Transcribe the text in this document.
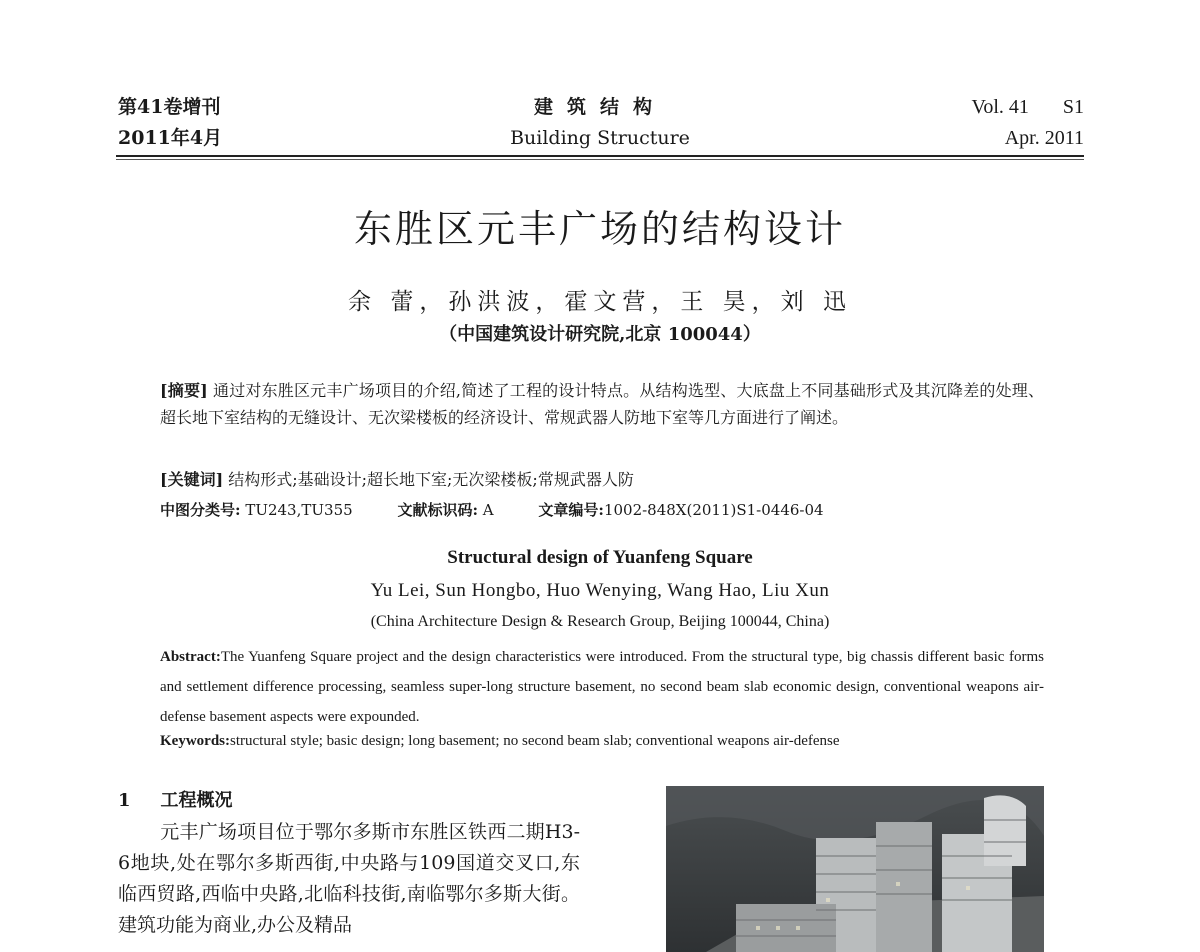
第41卷增刊
2011年4月
建筑结构
Building Structure
Vol. 41 S1
Apr. 2011
东胜区元丰广场的结构设计
余 蕾，孙洪波，霍文营，王 昊，刘 迅
（中国建筑设计研究院,北京 100044）
[摘要] 通过对东胜区元丰广场项目的介绍,简述了工程的设计特点。从结构选型、大底盘上不同基础形式及其沉降差的处理、超长地下室结构的无缝设计、无次梁楼板的经济设计、常规武器人防地下室等几方面进行了阐述。
[关键词] 结构形式;基础设计;超长地下室;无次梁楼板;常规武器人防
中图分类号: TU243,TU355	文献标识码: A	文章编号:1002-848X(2011)S1-0446-04
Structural design of Yuanfeng Square
Yu Lei, Sun Hongbo, Huo Wenying, Wang Hao, Liu Xun
(China Architecture Design & Research Group, Beijing 100044, China)
Abstract:The Yuanfeng Square project and the design characteristics were introduced. From the structural type, big chassis different basic forms and settlement difference processing, seamless super-long structure basement, no second beam slab economic design, conventional weapons air-defense basement aspects were expounded.
Keywords:structural style; basic design; long basement; no second beam slab; conventional weapons air-defense
1 工程概况
元丰广场项目位于鄂尔多斯市东胜区铁西二期H3-6地块,处在鄂尔多斯西街,中央路与109国道交叉口,东临西贸路,西临中央路,北临科技街,南临鄂尔多斯大街。建筑功能为商业,办公及精品
